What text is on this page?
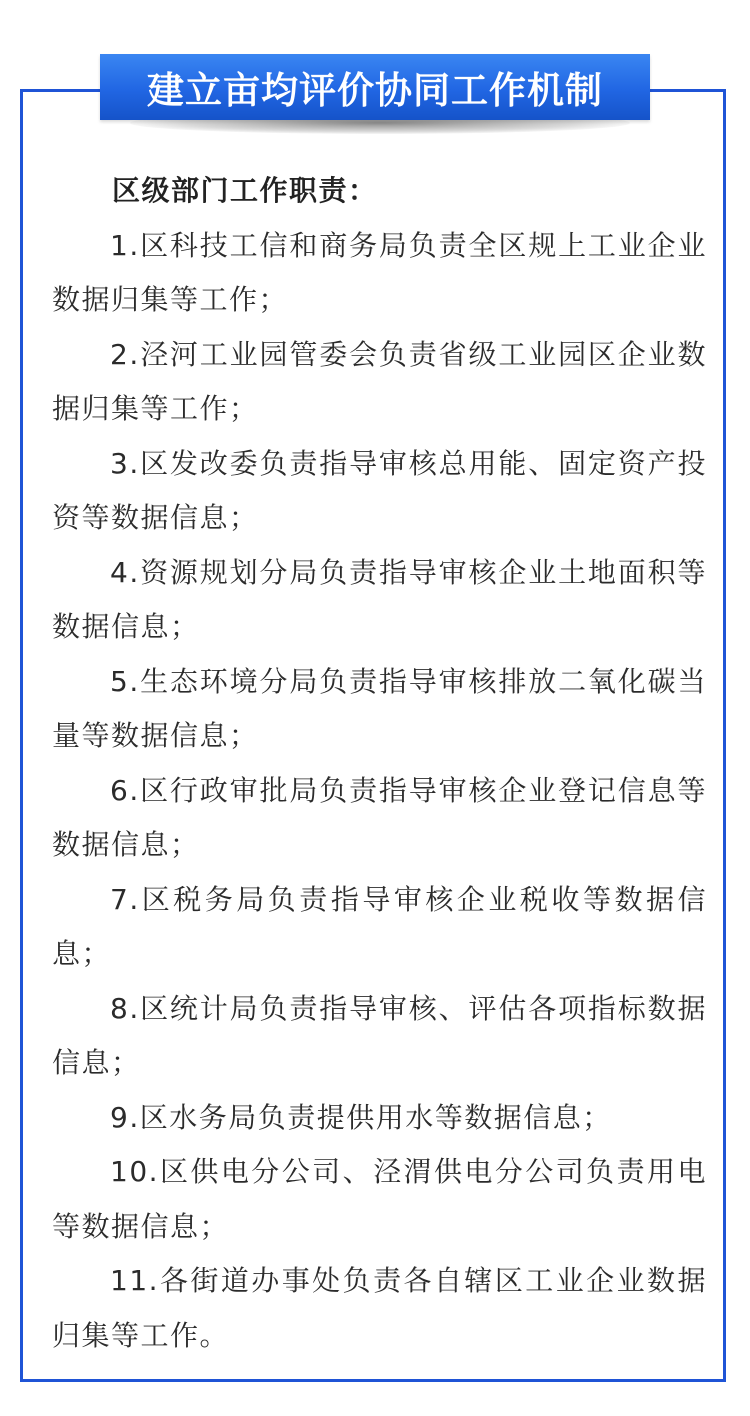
建立亩均评价协同工作机制

区级部门工作职责：

1.区科技工信和商务局负责全区规上工业企业数据归集等工作；

2.泾河工业园管委会负责省级工业园区企业数据归集等工作；

3.区发改委负责指导审核总用能、固定资产投资等数据信息；

4.资源规划分局负责指导审核企业土地面积等数据信息；

5.生态环境分局负责指导审核排放二氧化碳当量等数据信息；

6.区行政审批局负责指导审核企业登记信息等数据信息；

7.区税务局负责指导审核企业税收等数据信息；

8.区统计局负责指导审核、评估各项指标数据信息；

9.区水务局负责提供用水等数据信息；

10.区供电分公司、泾渭供电分公司负责用电等数据信息；

11.各街道办事处负责各自辖区工业企业数据归集等工作。
